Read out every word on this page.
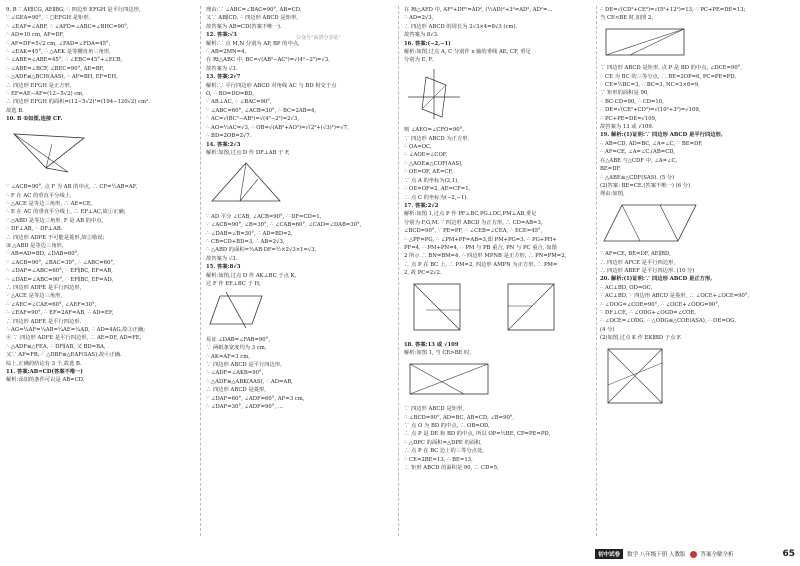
9. B ∵ AE∥CG, AE∥BG, ∴ 四边形 EFGH 是平行四边形,
∵ ∠GEA=90°, ∴ □EFGH 是矩形,
∴ ∠EAF=∠ABF, ∴ ∠AFD=∠ABC=∠BHC=90°,
∴ AD=10 cm, AF=DF,
∴ AF=DF=5√2 cm, ∠FAD=∠FDA=45°,
∴ ∠EAK=45°, ∴ △AEK 是等腰直角三角形,
∴ ∠ABE=∠ABE=45°, ∴ ∠EBC=45°+∠ECB,
∴ ∠ABE=∠BCF, ∠BEC=90°, AE=BF,
∴ △ADF≌△BCH(AAS), ∴ AF=BH, EF=EH,
∴ 四边形 EFGH 是正方形,
∴ EF=AE−AF=(12−5√2) cm,
∴ 四边形 EFGH 的面积=(12−5√2)²=(194−120√2) cm².
故选 B.
10. B ①如图,连接 CF.
∵ ∠ACB=90°, 点 F 为 AB 的中点, ∴ CF=½AB=AF,
∴ F 在 AC 的垂直平分线上.
∴ △ACE 是等边三角形, ∴ AE=CE,
∴ E 在 AC 的垂直平分线上, ∴ EF⊥AC,故①正确;
∵ △ABD 是等边三角形, F 是 AB 的中点,
∴ DF⊥AB, ∴ DF⊥AB.
∴ 四边形 ADFE 不可能是菱形,故②错误;
③ △ABD 是等边三角形,
∴ AB=AD=BD, ∠DAB=60°,
∵ ∠ACB=90°, ∠BAC=30°, ∴ ∠ABC=60°,
∴ ∠DAF=∠ABC=60°, ∴ EF∥BC, EF=AB,
∴ ∠DAE=∠ABC=90°, ∴ EF∥BC, EF=AD,
∴ 四边形 ADFE 是平行四边形,
∵ △ACE 是等边三角形,
∴ ∠AEC=∠CAE=60°, ∠AEF=30°,
∴ ∠EAF=90°, ∴ EF=2AF=AB, ∴ AD=EF,
∴ 四边形 ADFE 是平行四边形.
∴ AG=¼AF=¼AB=¼AE=¼AD, ∴ AD=4AG,故③正确;
④ ∵ 四边形 ADFE 是平行四边形, ∴ AE=DF, AD=FE,
∴ △ADF≌△FEA, ∴ DF∥AB, 又 BD=BA,
又∵ AF=FB, ∴ △DBF≌△EAF(SAS),故④正确.
综上,正确的结论有 3 个,故选 B.
11. 答案:AB=CD(答案不唯一)
解析:添加的条件可以是 AB=CD.
理由:∵ ∠ABC=∠BAC=90°, AB=CD,
又∵ AB∥CD, ∴ 四边形 ABCD 是矩形,
故答案为 AB=CD(答案不唯一).
12. 答案:√3
解析:∵ 点 M,N 分别为 AP, BP 的中点,
∴ AB=2MN=4,
在 Rt△ABC 中, BC=√(AB²−AC²)=√(4²−2²)=√3,
故答案为 √3.
13. 答案:2√7
解析:∵ 平行四边形 ABCD 对角线 AC 与 BD 相交于点
O, ∴ BO=DO=BD,
∵ AB⊥AC, ∴ ∠BAC=90°,
∵ ∠ABC=60°, ∠ACB=30°, ∴ BC=2AB=4,
∴ AC=√(BC²−AB²)=√(4²−2²)=2√3,
∴ AO=½AC=√3, ∴ OB=√(AB²+AO²)=√(2²+(√3)²)=√7,
∴ BD=2OB=2√7.
14. 答案:2√3
解析:如图,过点 D 作 DF⊥AB 于 F,
∵ AD 平分 ∠CAB, ∠ACB=90°, ∴ DF=CD=1,
∵ ∠ACB=90°, ∠B=30°, ∴ ∠CAB=60°, ∠CAD=∠DAB=30°,
∴ ∠DAB=∠B=30°, ∴ AD=BD=2,
∴ CB=CD+BD=3, ∴ AB=2√3,
∴ △ABD 的面积=½AB·DF=½×2√3×1=√3,
故答案为 √3.
15. 答案:8√3
解析:如图,过点 D 作 AK⊥BC 于点 K,
过 F 作 EF⊥BC 于 H,
易证 ∠DAB=∠FAB=90°,
∵ 两纸条宽度均为 3 cm,
∴ AK=AF=3 cm,
∵ 四边形 ABCD 是平行四边形,
∴ ∠ADF=∠AKB=90°,
∴ △ADF≌△ABK(AAS), ∴ AD=AB,
∴ 四边形 ABCD 是菱形,
∵ ∠DAF=60°, ∠ADF=60°, AF=3 cm,
∴ ∠DAF=30°, ∠ADF=90°, ...
在 Rt△AFD 中, AF²+DF²=AD², (½AD)²+3²=AD², AD²=...
∴ AD=2√3,
∴ 四边形 ABCD 的周长为 2√3×4=8√3 (cm).
故答案为 8√3.
16. 答案:(−2,−1)
解析:如图,过点 A, C 分别作 x 轴的垂线 AE, CF, 垂足
分别为 E, F.
则 ∠AEO=∠CFO=90°,
∵ 四边形 ABCD 为正方形,
∴ OA=OC,
∴ ∠AOE=∠COF,
∴ △AOE≌△COF(AAS),
∴ OE=OF, AE=CF,
∵ 点 A 的坐标为(2,1),
∴ OE=OF=2, AE=CF=1,
∴ 点 C 的坐标为(−2,−1).
17. 答案:2√2
解析:如图 1,过点 P 作 PF⊥BC,PG⊥DC,PM⊥AB,垂足
分别为 F,G,M. ∵ 四边形 ABCD 为正方形, ∴ CD=AB=3,
∠BCD=90°, ∵ PE=PF, ∴ ∠CEB=∠CEA, ∴ ECE=45°,
∴ △PF=PG, ∴ ∠PM+PF=AB=3,即 PM+PG=3. ∴ PG+PH+
PF=4, ∴ PM+PN=4, ∴ PM 与 PB 重合, PN 与 PC 重合, 如图
2 所示 ∴ BN=BM=4, ∴ 四边形 MPNB 是正方形, ∴ PN=PM=2,
∴ 点 P 在 BC 上, ∴ PM=2, 四边形 AMPN 为正方形, ∴ PM=
2, 故 PC=2√2.
18. 答案:13 或 √109
解析:如图 1, 当 CE>BE 时,
∵ 四边形 ABCD 是矩形,
∴ ∠BCD=90°, AD=BC, AB=CD, ∠B=90°,
∵ 点 O 为 BD 的中点, ∴ OB=OD,
∴ 点 P 是 DE 和 BD 的中点, 所以 OP=½BE, CP=PE=PD,
∴ △DPC 的面积=△DPE 的面积,
∴ 点 P 在 BC 边上的三等分点处,
∴ CE=2BE=13, ∴ BE=13,
∴ 矩形 ABCD 的面积是 90, ∴ CD=5,
∴ DE=√(CD²+CE²)=√(5²+12²)=13, ∴ PC+PE=DE=13;
当 CE<BE 时,如图 2,
∵ 四边形 ABCD 是矩形, 点 P 是 BD 的中点, ∠DCE=90°,
∴ CE 为 BC 的三等分点, ∴ BE=2OP=6, PC=PE=PD,
∴ CE=½BC=3, ∴ BC=3, NC=3×6=9,
∵ 矩形的面积是 90,
∴ BC·CD=90, ∴ CD=10,
∴ DE=√(CE²+CD²)=√(10²+3²)=√109,
∴ PC+PE=DE=√109,
故答案为 13 或 √109.
19. 解析:(1)证明:∵ 四边形 ABCD 是平行四边形,
∴ AB=CD, AD=BC, ∠A=∠C, ∵ BE=DF,
∴ AF=CE, ∠A=∠C.(AB=CD,
在△ABE 与△CDF 中, ∠A=∠C,
BE=DF,
∴ △ABE≌△CDF(SAS). (5 分)
(2)答案: BE=CE.(答案不唯一) (6 分)
理由:如图,
∵ AF=CE, BE=DF, AE∥BD,
∴ 四边形 AFCE 是平行四边形,
∴ 四边形 ABEF 是平行四边形. (10 分)
20. 解析:(1)证明:∵ 四边形 ABCD 是正方形,
∴ AC⊥BD, OD=OC,
∵ AC⊥BD, ∵ 四边形 ABCD 是菱形, ∴ ∠OCE+∠OCE=90°,
∴ ∠DOG=∠COE=90°, ∴ ∠OCE+∠ODG=90°,
∵ DF⊥CE, ∴ ∠ODG+∠OGD=∠COE,
∴ ∠OCE=∠ODG, ∴ △ODG≌△COE(ASA), ∴ OE=OG.
(4 分)
(2)如图,过点 K 作 EK∥BD 于点 F.
公众号“高清分享站”
初中试卷	数学 八年级下册 人教版	答案全解全析	65
